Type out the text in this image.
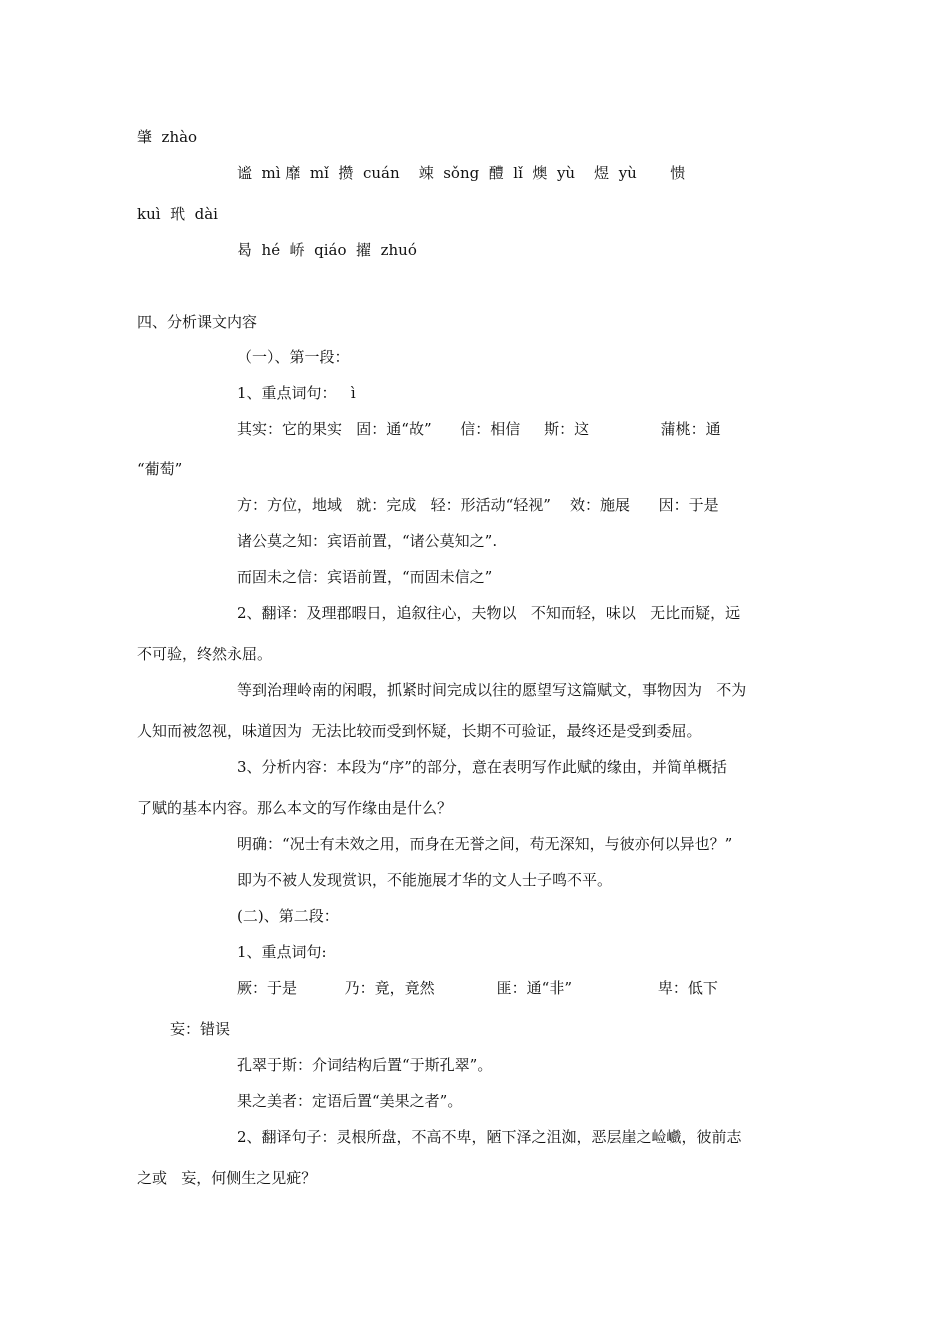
肇  zhào
谧  mì 靡  mǐ  攒  cuán    竦  sǒng  醴  lǐ  燠  yù    煜  yù       愦
kuì  玳  dài
曷  hé  峤  qiáo  擢  zhuó
四、分析课文内容
（一）、第一段：
1、重点词句：   ì
其实：它的果实   固：通“故”      信：相信     斯：这               蒲桃：通
“葡萄”
方：方位，地域   就：完成   轻：形活动“轻视”    效：施展      因：于是
诸公莫之知：宾语前置，“诸公莫知之”.
而固未之信：宾语前置，“而固未信之”
2、翻译：及理郡暇日，追叙往心，夫物以   不知而轻，味以   无比而疑，远
不可验，终然永屈。
等到治理岭南的闲暇，抓紧时间完成以往的愿望写这篇赋文，事物因为   不为
人知而被忽视，味道因为  无法比较而受到怀疑，长期不可验证，最终还是受到委屈。
3、分析内容：本段为“序”的部分，意在表明写作此赋的缘由，并简单概括
了赋的基本内容。那么本文的写作缘由是什么？
明确：“况士有未效之用，而身在无誉之间，苟无深知，与彼亦何以异也？”
即为不被人发现赏识，不能施展才华的文人士子鸣不平。
(二)、第二段：
1、重点词句:
厥：于是          乃：竟，竟然             匪：通“非”                  卑：低下
妄：错误
孔翠于斯：介词结构后置“于斯孔翠”。
果之美者：定语后置“美果之者”。
2、翻译句子：灵根所盘，不高不卑，陋下泽之沮洳，恶层崖之崄巇，彼前志
之或   妄，何侧生之见疵？
